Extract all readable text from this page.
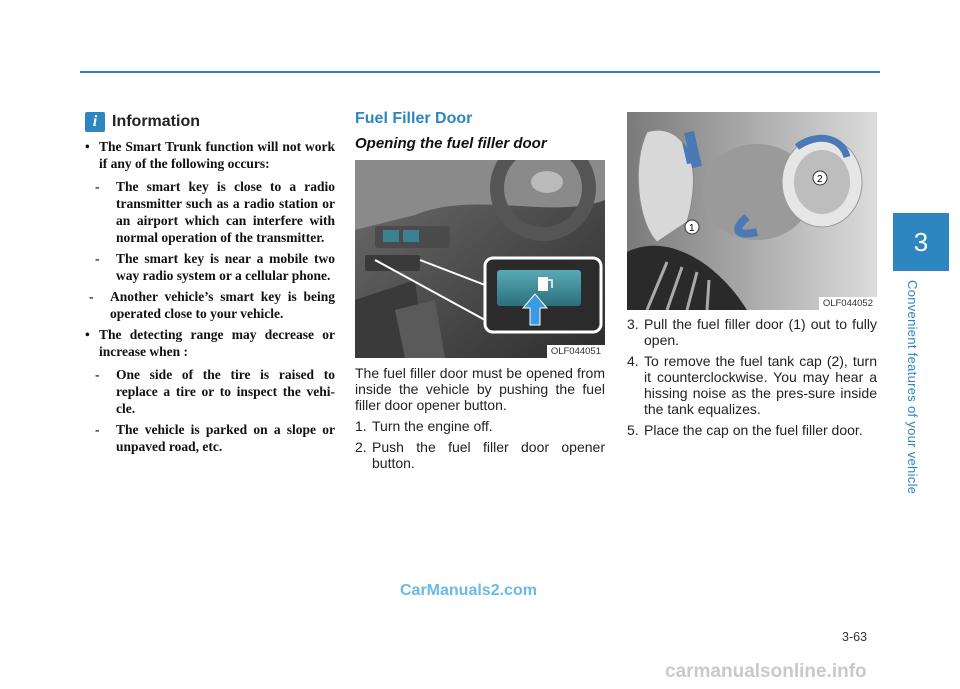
3
Convenient features of your vehicle
i Information
• The Smart Trunk function will not work if any of the following occurs:
- The smart key is close to a radio transmitter such as a radio station or an airport which can interfere with normal operation of the transmitter.
- The smart key is near a mobile two way radio system or a cellular phone.
- Another vehicle’s smart key is being operated close to your vehicle.
• The detecting range may decrease or increase when :
- One side of the tire is raised to replace a tire or to inspect the vehi-cle.
- The vehicle is parked on a slope or unpaved road, etc.
Fuel Filler Door
Opening the fuel filler door
OLF044051
The fuel filler door must be opened from inside the vehicle by pushing the fuel filler door opener button.
1. Turn the engine off.
2. Push the fuel filler door opener button.
1
2
OLF044052
3. Pull the fuel filler door (1) out to fully open.
4. To remove the fuel tank cap (2), turn it counterclockwise. You may hear a hissing noise as the pres-sure inside the tank equalizes.
5. Place the cap on the fuel filler door.
CarManuals2.com
3-63
carmanualsonline.info
